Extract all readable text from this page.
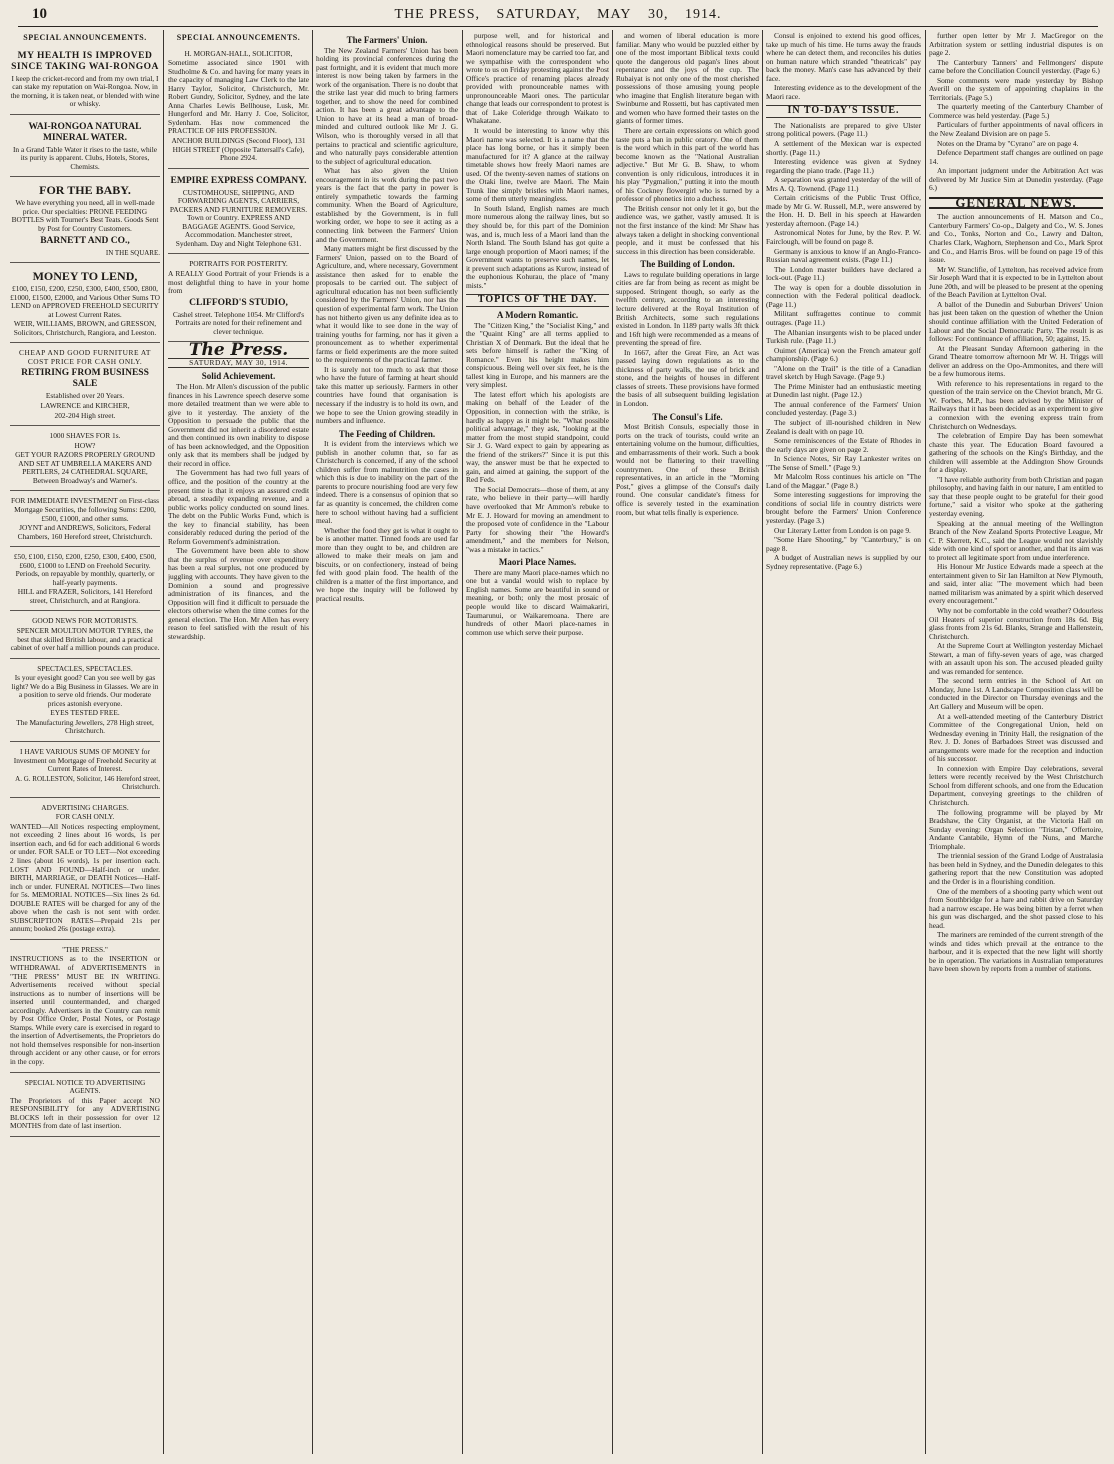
10	THE PRESS, SATURDAY, MAY 30, 1914.
SPECIAL ANNOUNCEMENTS.

MY HEALTH IS IMPROVED SINCE TAKING WAI-RONGOA

I keep the cricket-record and from my own trial, I can stake my reputation on Wai-Rongoa. Now, in the morning, it is taken neat, or blended with wine or whisky.

WAI-RONGOA NATURAL MINERAL WATER.

In a Grand Table Water it rises to the taste, while its purity is apparent. Clubs, Hotels, Stores, Chemists.

FOR THE BABY.

We have everything you need, all in well-made price. Our specialties: PRONE FEEDING BOTTLES with Tourner's Best Teats. Goods Sent by Post for Country Customers.

BARNETT AND CO.,

IN THE SQUARE.

MONEY TO LEND,

£100, £150, £200, £250, £300, £400, £500, £800, £1000, £1500, £2000, and Various Other Sums TO LEND on APPROVED FREEHOLD SECURITY at Lowest Current Rates.

WEIR, WILLIAMS, BROWN, and GRESSON, Solicitors, Christchurch, Rangiora, and Leeston.

CHEAP AND GOOD FURNITURE AT COST PRICE FOR CASH ONLY.

RETIRING FROM BUSINESS SALE

Established over 20 Years.

LAWRENCE and KIRCHER,

202-204 High street.

1000 SHAVES FOR 1s.

HOW?

GET YOUR RAZORS PROPERLY GROUND AND SET AT UMBRELLA MAKERS AND PERTLERS, 24 CATHEDRAL SQUARE, Between Broadway's and Warner's.

FOR IMMEDIATE INVESTMENT on First-class Mortgage Securities, the following Sums: £200, £500, £1000, and other sums.

JOYNT and ANDREWS, Solicitors, Federal Chambers, 160 Hereford street, Christchurch.

£50, £100, £150, £200, £250, £300, £400, £500, £600, £1000 to LEND on Freehold Security. Periods, on repayable by monthly, quarterly, or half-yearly payments.

HILL and FRAZER, Solicitors, 141 Hereford street, Christchurch, and at Rangiora.

GOOD NEWS FOR MOTORISTS.

SPENCER MOULTON MOTOR TYRES, the best that skilled British labour, and a practical cabinet of over half a million pounds can produce.

SPECTACLES, SPECTACLES.

Is your eyesight good? Can you see well by gas light? We do a Big Business in Glasses. We are in a position to serve old friends. Our moderate prices astonish everyone.

EYES TESTED FREE.

The Manufacturing Jewellers, 278 High street, Christchurch.

I HAVE VARIOUS SUMS OF MONEY for Investment on Mortgage of Freehold Security at Current Rates of Interest.

A. G. ROLLESTON, Solicitor, 146 Hereford street, Christchurch.

ADVERTISING CHARGES.

FOR CASH ONLY.

WANTED—All Notices respecting employment, not exceeding 2 lines about 16 words, 1s per insertion each, and 6d for each additional 6 words or under. FOR SALE or TO LET—Not exceeding 2 lines (about 16 words), 1s per insertion each. LOST AND FOUND—Half-inch or under. BIRTH, MARRIAGE, or DEATH Notices—Half-inch or under. FUNERAL NOTICES—Two lines for 5s. MEMORIAL NOTICES—Six lines 2s 6d. DOUBLE RATES will be charged for any of the above when the cash is not sent with order. SUBSCRIPTION RATES—Prepaid 21s per annum; booked 26s (postage extra).

"THE PRESS."

INSTRUCTIONS as to the INSERTION or WITHDRAWAL of ADVERTISEMENTS in "THE PRESS" MUST BE IN WRITING. Advertisements received without special instructions as to number of insertions will be inserted until countermanded, and charged accordingly. Advertisers in the Country can remit by Post Office Order, Postal Notes, or Postage Stamps. While every care is exercised in regard to the insertion of Advertisements, the Proprietors do not hold themselves responsible for non-insertion through accident or any other cause, or for errors in the copy.

SPECIAL NOTICE TO ADVERTISING AGENTS.

The Proprietors of this Paper accept NO RESPONSIBILITY for any ADVERTISING BLOCKS left in their possession for over 12 MONTHS from date of last insertion.

SPECIAL ANNOUNCEMENTS.

H. MORGAN-HALL, SOLICITOR,

Sometime associated since 1901 with Studholme & Co. and having for many years in the capacity of managing Law Clerk to the late Harry Taylor, Solicitor, Christchurch, Mr. Robert Gundry, Solicitor, Sydney, and the late Anna Charles Lewis Bellhouse, Lusk, Mr. Hungerford and Mr. Harry J. Coe, Solicitor, Sydenham. Has now commenced the PRACTICE OF HIS PROFESSION.

ANCHOR BUILDINGS (Second Floor), 131 HIGH STREET (Opposite Tattersall's Cafe), Phone 2924.

EMPIRE EXPRESS COMPANY.

CUSTOMHOUSE, SHIPPING, AND FORWARDING AGENTS, CARRIERS, PACKERS AND FURNITURE REMOVERS. Town or Country. EXPRESS AND BAGGAGE AGENTS. Good Service, Accommodation. Manchester street, Sydenham. Day and Night Telephone 631.

PORTRAITS FOR POSTERITY.

A REALLY Good Portrait of your Friends is a most delightful thing to have in your home from

CLIFFORD'S STUDIO,

Cashel street. Telephone 1054. Mr Clifford's Portraits are noted for their refinement and clever technique.

The Press.
SATURDAY, MAY 30, 1914.
Solid Achievement.

The Hon. Mr Allen's discussion of the public finances in his Lawrence speech deserve some more detailed treatment than we were able to give to it yesterday. The anxiety of the Opposition to persuade the public that the Government did not inherit a disordered estate and then continued its own inability to dispose of has been acknowledged, and the Opposition only ask that its members shall be judged by their record in office.

The Government has had two full years of office, and the position of the country at the present time is that it enjoys an assured credit abroad, a steadily expanding revenue, and a public works policy conducted on sound lines. The debt on the Public Works Fund, which is the key to financial stability, has been considerably reduced during the period of the Reform Government's administration.

The Government have been able to show that the surplus of revenue over expenditure has been a real surplus, not one produced by juggling with accounts. They have given to the Dominion a sound and progressive administration of its finances, and the Opposition will find it difficult to persuade the electors otherwise when the time comes for the general election. The Hon. Mr Allen has every reason to feel satisfied with the result of his stewardship.

The Farmers' Union.

The New Zealand Farmers' Union has been holding its provincial conferences during the past fortnight, and it is evident that much more interest is now being taken by farmers in the work of the organisation. There is no doubt that the strike last year did much to bring farmers together, and to show the need for combined action. It has been a great advantage to the Union to have at its head a man of broad-minded and cultured outlook like Mr J. G. Wilson, who is thoroughly versed in all that pertains to practical and scientific agriculture, and who naturally pays considerable attention to the subject of agricultural education.

What has also given the Union encouragement in its work during the past two years is the fact that the party in power is entirely sympathetic towards the farming community. When the Board of Agriculture, established by the Government, is in full working order, we hope to see it acting as a connecting link between the Farmers' Union and the Government.

Many matters might be first discussed by the Farmers' Union, passed on to the Board of Agriculture, and, where necessary, Government assistance then asked for to enable the proposals to be carried out. The subject of agricultural education has not been sufficiently considered by the Farmers' Union, nor has the question of experimental farm work. The Union has not hitherto given us any definite idea as to what it would like to see done in the way of training youths for farming, nor has it given a pronouncement as to whether experimental farms or field experiments are the more suited to the requirements of the practical farmer.

It is surely not too much to ask that those who have the future of farming at heart should take this matter up seriously. Farmers in other countries have found that organisation is necessary if the industry is to hold its own, and we hope to see the Union growing steadily in numbers and influence.

The Feeding of Children.

It is evident from the interviews which we publish in another column that, so far as Christchurch is concerned, if any of the school children suffer from malnutrition the cases in which this is due to inability on the part of the parents to procure nourishing food are very few indeed. There is a consensus of opinion that so far as quantity is concerned, the children come here to school without having had a sufficient meal.

Whether the food they get is what it ought to be is another matter. Tinned foods are used far more than they ought to be, and children are allowed to make their meals on jam and biscuits, or on confectionery, instead of being fed with good plain food. The health of the children is a matter of the first importance, and we hope the inquiry will be followed by practical results.

purpose well, and for historical and ethnological reasons should be preserved. But Maori nomenclature may be carried too far, and we sympathise with the correspondent who wrote to us on Friday protesting against the Post Office's practice of renaming places already provided with pronounceable names with unpronounceable Maori ones. The particular change that leads our correspondent to protest is that of Lake Coleridge through Waikato to Whakatane.

It would be interesting to know why this Maori name was selected. It is a name that the place has long borne, or has it simply been manufactured for it? A glance at the railway timetable shows how freely Maori names are used. Of the twenty-seven names of stations on the Otaki line, twelve are Maori. The Main Trunk line simply bristles with Maori names, some of them utterly meaningless.

In South Island, English names are much more numerous along the railway lines, but so they should be, for this part of the Dominion was, and is, much less of a Maori land than the North Island. The South Island has got quite a large enough proportion of Maori names; if the Government wants to preserve such names, let it prevent such adaptations as Kurow, instead of the euphonious Kohurau, the place of "many mists."

TOPICS OF THE DAY.
A Modern Romantic.

The "Citizen King," the "Socialist King," and the "Quaint King" are all terms applied to Christian X of Denmark. But the ideal that he sets before himself is rather the "King of Romance." Even his height makes him conspicuous. Being well over six feet, he is the tallest king in Europe, and his manners are the very simplest.

The latest effort which his apologists are making on behalf of the Leader of the Opposition, in connection with the strike, is hardly as happy as it might be. "What possible political advantage," they ask, "looking at the matter from the most stupid standpoint, could Sir J. G. Ward expect to gain by appearing as the friend of the strikers?" Since it is put this way, the answer must be that he expected to gain, and aimed at gaining, the support of the Red Feds.

The Social Democrats—those of them, at any rate, who believe in their party—will hardly have overlooked that Mr Ammon's rebuke to Mr E. J. Howard for moving an amendment to the proposed vote of confidence in the "Labour Party for showing their "the Howard's amendment," and the members for Nelson, "was a mistake in tactics."

Maori Place Names.

There are many Maori place-names which no one but a vandal would wish to replace by English names. Some are beautiful in sound or meaning, or both; only the most prosaic of people would like to discard Waimakariri, Taumarunui, or Waikaremoana. There are hundreds of other Maori place-names in common use which serve their purpose.

and women of liberal education is more familiar. Many who would be puzzled either by one of the most important Biblical texts could quote the dangerous old pagan's lines about repentance and the joys of the cup. The Rubaiyat is not only one of the most cherished possessions of those amusing young people who imagine that English literature began with Swinburne and Rossetti, but has captivated men and women who have formed their tastes on the giants of former times.

There are certain expressions on which good taste puts a ban in public oratory. One of them is the word which in this part of the world has become known as the "National Australian adjective." But Mr G. B. Shaw, to whom convention is only ridiculous, introduces it in his play "Pygmalion," putting it into the mouth of his Cockney flowergirl who is turned by a professor of phonetics into a duchess.

The British censor not only let it go, but the audience was, we gather, vastly amused. It is not the first instance of the kind: Mr Shaw has always taken a delight in shocking conventional people, and it must be confessed that his success in this direction has been considerable.

The Building of London.

Laws to regulate building operations in large cities are far from being as recent as might be supposed. Stringent though, so early as the twelfth century, according to an interesting lecture delivered at the Royal Institution of British Architects, some such regulations existed in London. In 1189 party walls 3ft thick and 16ft high were recommended as a means of preventing the spread of fire.

In 1667, after the Great Fire, an Act was passed laying down regulations as to the thickness of party walls, the use of brick and stone, and the heights of houses in different classes of streets. These provisions have formed the basis of all subsequent building legislation in London.

The Consul's Life.

Most British Consuls, especially those in ports on the track of tourists, could write an entertaining volume on the humour, difficulties, and embarrassments of their work. Such a book would not be flattering to their travelling countrymen. One of these British representatives, in an article in the "Morning Post," gives a glimpse of the Consul's daily round. One consular candidate's fitness for office is severely tested in the examination room, but what tells finally is experience.

Consul is enjoined to extend his good offices, take up much of his time. He turns away the frauds where he can detect them, and reconciles his duties on human nature which stranded "theatricals" pay back the money. Man's case has advanced by their face.

Interesting evidence as to the development of the Maori race.

IN TO-DAY'S ISSUE.

The Nationalists are prepared to give Ulster strong political powers. (Page 11.)

A settlement of the Mexican war is expected shortly. (Page 11.)

Interesting evidence was given at Sydney regarding the piano trade. (Page 11.)

A separation was granted yesterday of the will of Mrs A. Q. Townend. (Page 11.)

Certain criticisms of the Public Trust Office, made by Mr G. W. Russell, M.P., were answered by the Hon. H. D. Bell in his speech at Hawarden yesterday afternoon. (Page 14.)

Astronomical Notes for June, by the Rev. P. W. Fairclough, will be found on page 8.

Germany is anxious to know if an Anglo-Franco-Russian naval agreement exists. (Page 11.)

The London master builders have declared a lock-out. (Page 11.)

The way is open for a double dissolution in connection with the Federal political deadlock. (Page 11.)

Militant suffragettes continue to commit outrages. (Page 11.)

The Albanian insurgents wish to be placed under Turkish rule. (Page 11.)

Ouimet (America) won the French amateur golf championship. (Page 6.)

"Alone on the Trail" is the title of a Canadian travel sketch by Hugh Savage. (Page 9.)

The Prime Minister had an enthusiastic meeting at Dunedin last night. (Page 12.)

The annual conference of the Farmers' Union concluded yesterday. (Page 3.)

The subject of ill-nourished children in New Zealand is dealt with on page 10.

Some reminiscences of the Estate of Rhodes in the early days are given on page 2.

In Science Notes, Sir Ray Lankester writes on "The Sense of Smell." (Page 9.)

Mr Malcolm Ross continues his article on "The Land of the Maggar." (Page 8.)

Some interesting suggestions for improving the conditions of social life in country districts were brought before the Farmers' Union Conference yesterday. (Page 3.)

Our Literary Letter from London is on page 9.

"Some Hare Shooting," by "Canterbury," is on page 8.

A budget of Australian news is supplied by our Sydney representative. (Page 6.)

further open letter by Mr J. MacGregor on the Arbitration system or settling industrial disputes is on page 2.

The Canterbury Tanners' and Fellmongers' dispute came before the Conciliation Council yesterday. (Page 6.)

Some comments were made yesterday by Bishop Averill on the system of appointing chaplains in the Territorials. (Page 5.)

The quarterly meeting of the Canterbury Chamber of Commerce was held yesterday. (Page 5.)

Particulars of further appointments of naval officers in the New Zealand Division are on page 5.

Notes on the Drama by "Cyrano" are on page 4.

Defence Department staff changes are outlined on page 14.

An important judgment under the Arbitration Act was delivered by Mr Justice Sim at Dunedin yesterday. (Page 6.)

GENERAL NEWS.

The auction announcements of H. Matson and Co., Canterbury Farmers' Co-op., Dalgety and Co., W. S. Jones and Co., Tonks, Norton and Co., Lawry and Dalton, Charles Clark, Waghorn, Stephenson and Co., Mark Sprot and Co., and Harris Bros. will be found on page 19 of this issue.

Mr W. Stanclifie, of Lyttelton, has received advice from Sir Joseph Ward that it is expected to be in Lyttelton about June 20th, and will be pleased to be present at the opening of the Beach Pavilion at Lyttelton Oval.

A ballot of the Dunedin and Suburban Drivers' Union has just been taken on the question of whether the Union should continue affiliation with the United Federation of Labour and the Social Democratic Party. The result is as follows: For continuance of affiliation, 50; against, 15.

At the Pleasant Sunday Afternoon gathering in the Grand Theatre tomorrow afternoon Mr W. H. Triggs will deliver an address on the Opo-Ammonites, and there will be a few humorous items.

With reference to his representations in regard to the question of the train service on the Cheviot branch, Mr G. W. Forbes, M.P., has been advised by the Minister of Railways that it has been decided as an experiment to give a connexion with the evening express train from Christchurch on Wednesdays.

The celebration of Empire Day has been somewhat chaste this year. The Education Board favoured a gathering of the schools on the King's Birthday, and the children will assemble at the Addington Show Grounds for a display.

"I have reliable authority from both Christian and pagan philosophy, and having faith in our nature, I am entitled to say that these people ought to be grateful for their good fortune," said a visitor who spoke at the gathering yesterday evening.

Speaking at the annual meeting of the Wellington Branch of the New Zealand Sports Protective League, Mr C. P. Skerrett, K.C., said the League would not slavishly side with one kind of sport or another, and that its aim was to protect all legitimate sport from undue interference.

His Honour Mr Justice Edwards made a speech at the entertainment given to Sir Ian Hamilton at New Plymouth, and said, inter alia: "The movement which had been named militarism was animated by a spirit which deserved every encouragement."

Why not be comfortable in the cold weather? Odourless Oil Heaters of superior construction from 18s 6d. Big glass fronts from 21s 6d. Blanks, Strange and Hallenstein, Christchurch.

At the Supreme Court at Wellington yesterday Michael Stewart, a man of fifty-seven years of age, was charged with an assault upon his son. The accused pleaded guilty and was remanded for sentence.

The second term entries in the School of Art on Monday, June 1st. A Landscape Composition class will be conducted in the Director on Thursday evenings and the Art Gallery and Museum will be open.

At a well-attended meeting of the Canterbury District Committee of the Congregational Union, held on Wednesday evening in Trinity Hall, the resignation of the Rev. J. D. Jones of Barbadoes Street was discussed and arrangements were made for the reception and induction of his successor.

In connexion with Empire Day celebrations, several letters were recently received by the West Christchurch School from different schools, and one from the Education Department, conveying greetings to the children of Christchurch.

The following programme will be played by Mr Bradshaw, the City Organist, at the Victoria Hall on Sunday evening: Organ Selection "Tristan," Offertoire, Andante Cantabile, Hymn of the Nuns, and Marche Triomphale.

The triennial session of the Grand Lodge of Australasia has been held in Sydney, and the Dunedin delegates to this gathering report that the new Constitution was adopted and the Order is in a flourishing condition.

One of the members of a shooting party which went out from Southbridge for a hare and rabbit drive on Saturday had a narrow escape. He was being bitten by a ferret when his gun was discharged, and the shot passed close to his head.

The mariners are reminded of the current strength of the winds and tides which prevail at the entrance to the harbour, and it is expected that the new light will shortly be in operation. The variations in Australian temperatures have been shown by reports from a number of stations.
